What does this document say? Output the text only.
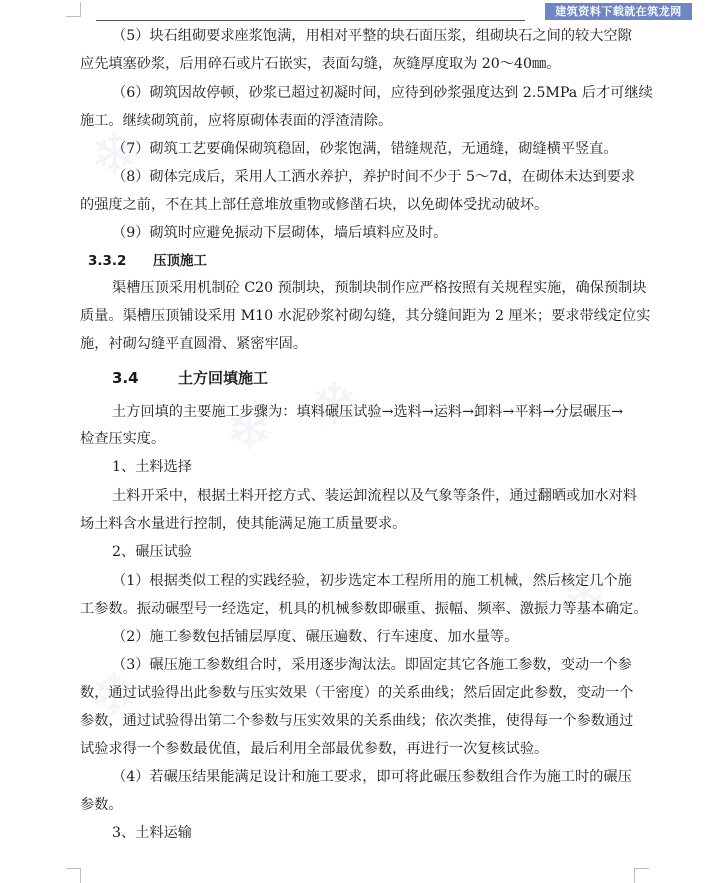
建筑资料下载就在筑龙网
❄
❄
❄
❄
❄
（5）块石组砌要求座浆饱满，用相对平整的块石面压浆，组砌块石之间的较大空隙
应先填塞砂浆，后用碎石或片石嵌实，表面勾缝，灰缝厚度取为 20～40㎜。
（6）砌筑因故停顿，砂浆已超过初凝时间，应待到砂浆强度达到 2.5MPa 后才可继续
施工。继续砌筑前，应将原砌体表面的浮渣清除。
（7）砌筑工艺要确保砌筑稳固，砂浆饱满，错缝规范，无通缝，砌缝横平竖直。
（8）砌体完成后，采用人工洒水养护，养护时间不少于 5～7d，在砌体未达到要求
的强度之前，不在其上部任意堆放重物或修凿石块，以免砌体受扰动破坏。
（9）砌筑时应避免振动下层砌体，墙后填料应及时。
3.3.2 压顶施工
渠槽压顶采用机制砼 C20 预制块，预制块制作应严格按照有关规程实施，确保预制块
质量。渠槽压顶铺设采用 M10 水泥砂浆衬砌勾缝，其分缝间距为 2 厘米；要求带线定位实
施，衬砌勾缝平直圆滑、紧密牢固。
3.4	土方回填施工
土方回填的主要施工步骤为：填料碾压试验→选料→运料→卸料→平料→分层碾压→
检查压实度。
1、土料选择
土料开采中，根据土料开挖方式、装运卸流程以及气象等条件，通过翻晒或加水对料
场土料含水量进行控制，使其能满足施工质量要求。
2、碾压试验
（1）根据类似工程的实践经验，初步选定本工程所用的施工机械，然后核定几个施
工参数。振动碾型号一经选定，机具的机械参数即碾重、振幅、频率、激振力等基本确定。
（2）施工参数包括铺层厚度、碾压遍数、行车速度、加水量等。
（3）碾压施工参数组合时，采用逐步淘汰法。即固定其它各施工参数，变动一个参
数，通过试验得出此参数与压实效果（干密度）的关系曲线；然后固定此参数，变动一个
参数，通过试验得出第二个参数与压实效果的关系曲线；依次类推，使得每一个参数通过
试验求得一个参数最优值，最后利用全部最优参数，再进行一次复核试验。
（4）若碾压结果能满足设计和施工要求，即可将此碾压参数组合作为施工时的碾压
参数。
3、土料运输
